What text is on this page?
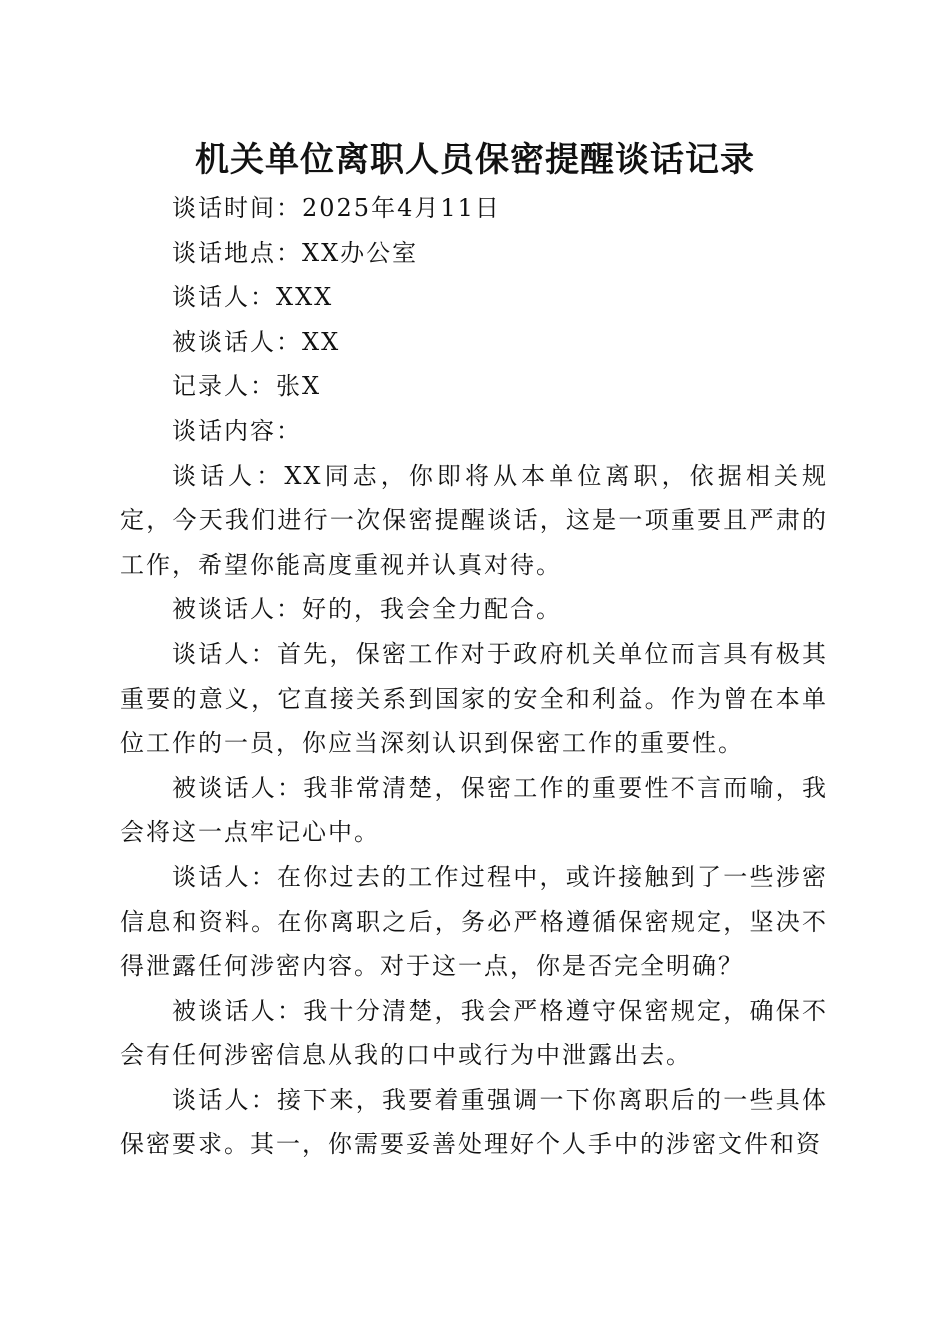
机关单位离职人员保密提醒谈话记录

谈话时间：2025年4月11日

谈话地点：XX办公室

谈话人：XXX

被谈话人：XX

记录人：张X

谈话内容：

谈话人：XX同志，你即将从本单位离职，依据相关规定，今天我们进行一次保密提醒谈话，这是一项重要且严肃的工作，希望你能高度重视并认真对待。

被谈话人：好的，我会全力配合。

谈话人：首先，保密工作对于政府机关单位而言具有极其重要的意义，它直接关系到国家的安全和利益。作为曾在本单位工作的一员，你应当深刻认识到保密工作的重要性。

被谈话人：我非常清楚，保密工作的重要性不言而喻，我会将这一点牢记心中。

谈话人：在你过去的工作过程中，或许接触到了一些涉密信息和资料。在你离职之后，务必严格遵循保密规定，坚决不得泄露任何涉密内容。对于这一点，你是否完全明确？

被谈话人：我十分清楚，我会严格遵守保密规定，确保不会有任何涉密信息从我的口中或行为中泄露出去。

谈话人：接下来，我要着重强调一下你离职后的一些具体保密要求。其一，你需要妥善处理好个人手中的涉密文件和资
